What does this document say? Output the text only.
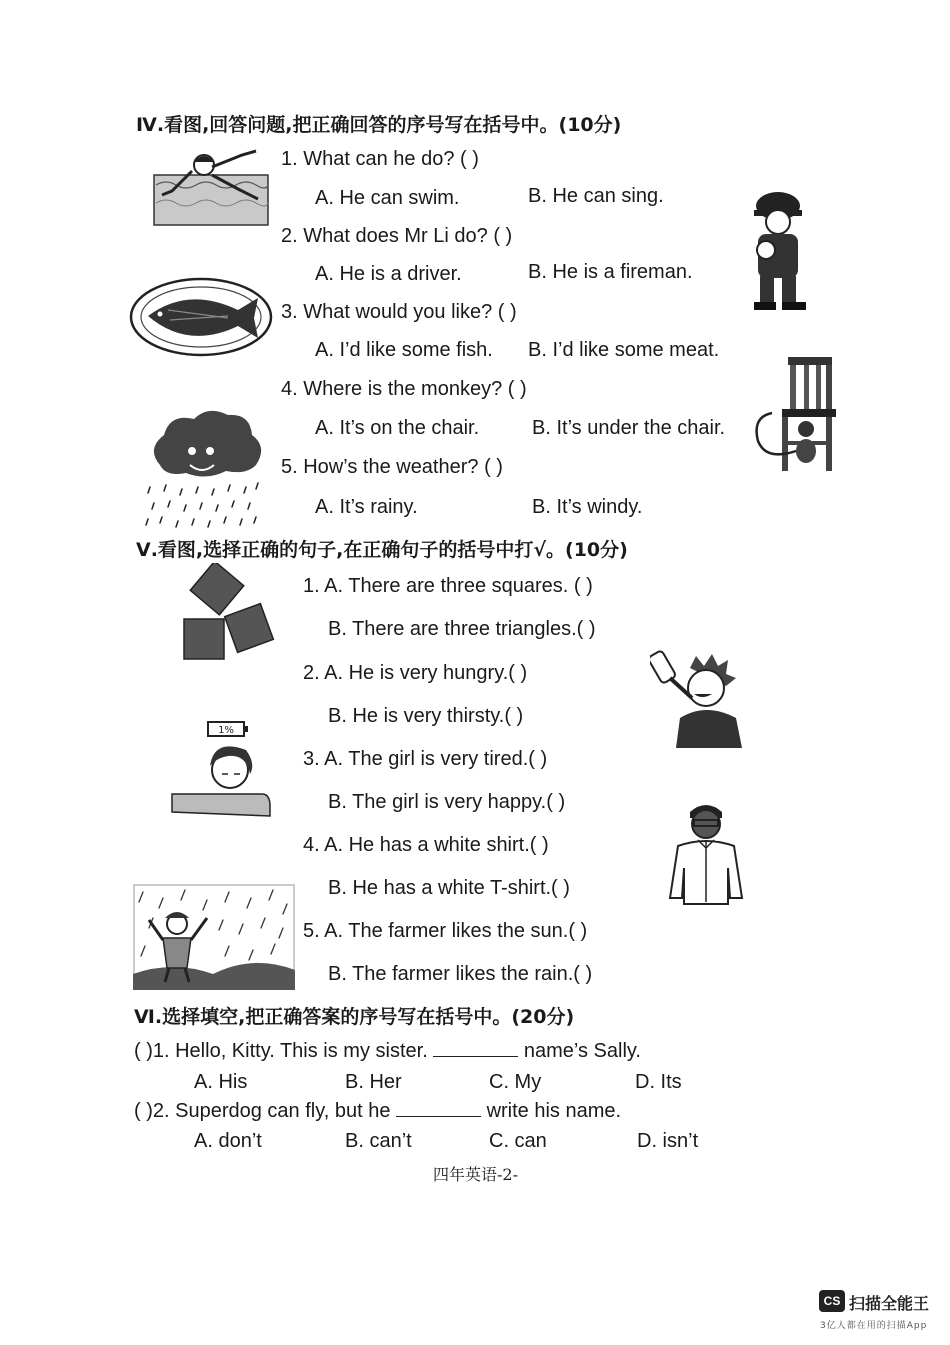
Ⅳ.看图,回答问题,把正确回答的序号写在括号中。(10分)
1. What can he do? ( )
A. He can swim.	B. He can sing.
2. What does Mr Li do? ( )
A. He is a driver.	B. He is a fireman.
3. What would you like? ( )
A. I’d like some fish. B. I’d like some meat.
4. Where is the monkey? ( )
A. It’s on the chair.	B. It’s under the chair.
5. How’s the weather? ( )
A. It’s rainy.	B. It’s windy.
Ⅴ.看图,选择正确的句子,在正确句子的括号中打√。(10分)
1. A. There are three squares. ( )
B. There are three triangles.( )
2. A. He is very hungry.( )
B. He is very thirsty.( )
3. A. The girl is very tired.( )
B. The girl is very happy.( )
4. A. He has a white shirt.( )
B. He has a white T-shirt.( )
5. A. The farmer likes the sun.( )
B. The farmer likes the rain.( )
1%
Ⅵ.选择填空,把正确答案的序号写在括号中。(20分)
( )1. Hello, Kitty. This is my sister.	name’s Sally.
A. His	B. Her	C. My	D. Its
( )2. Superdog can fly, but he	write his name.
A. don’t	B. can’t	C. can	D. isn’t
四年英语-2-
CS 扫描全能王
3亿人都在用的扫描App
